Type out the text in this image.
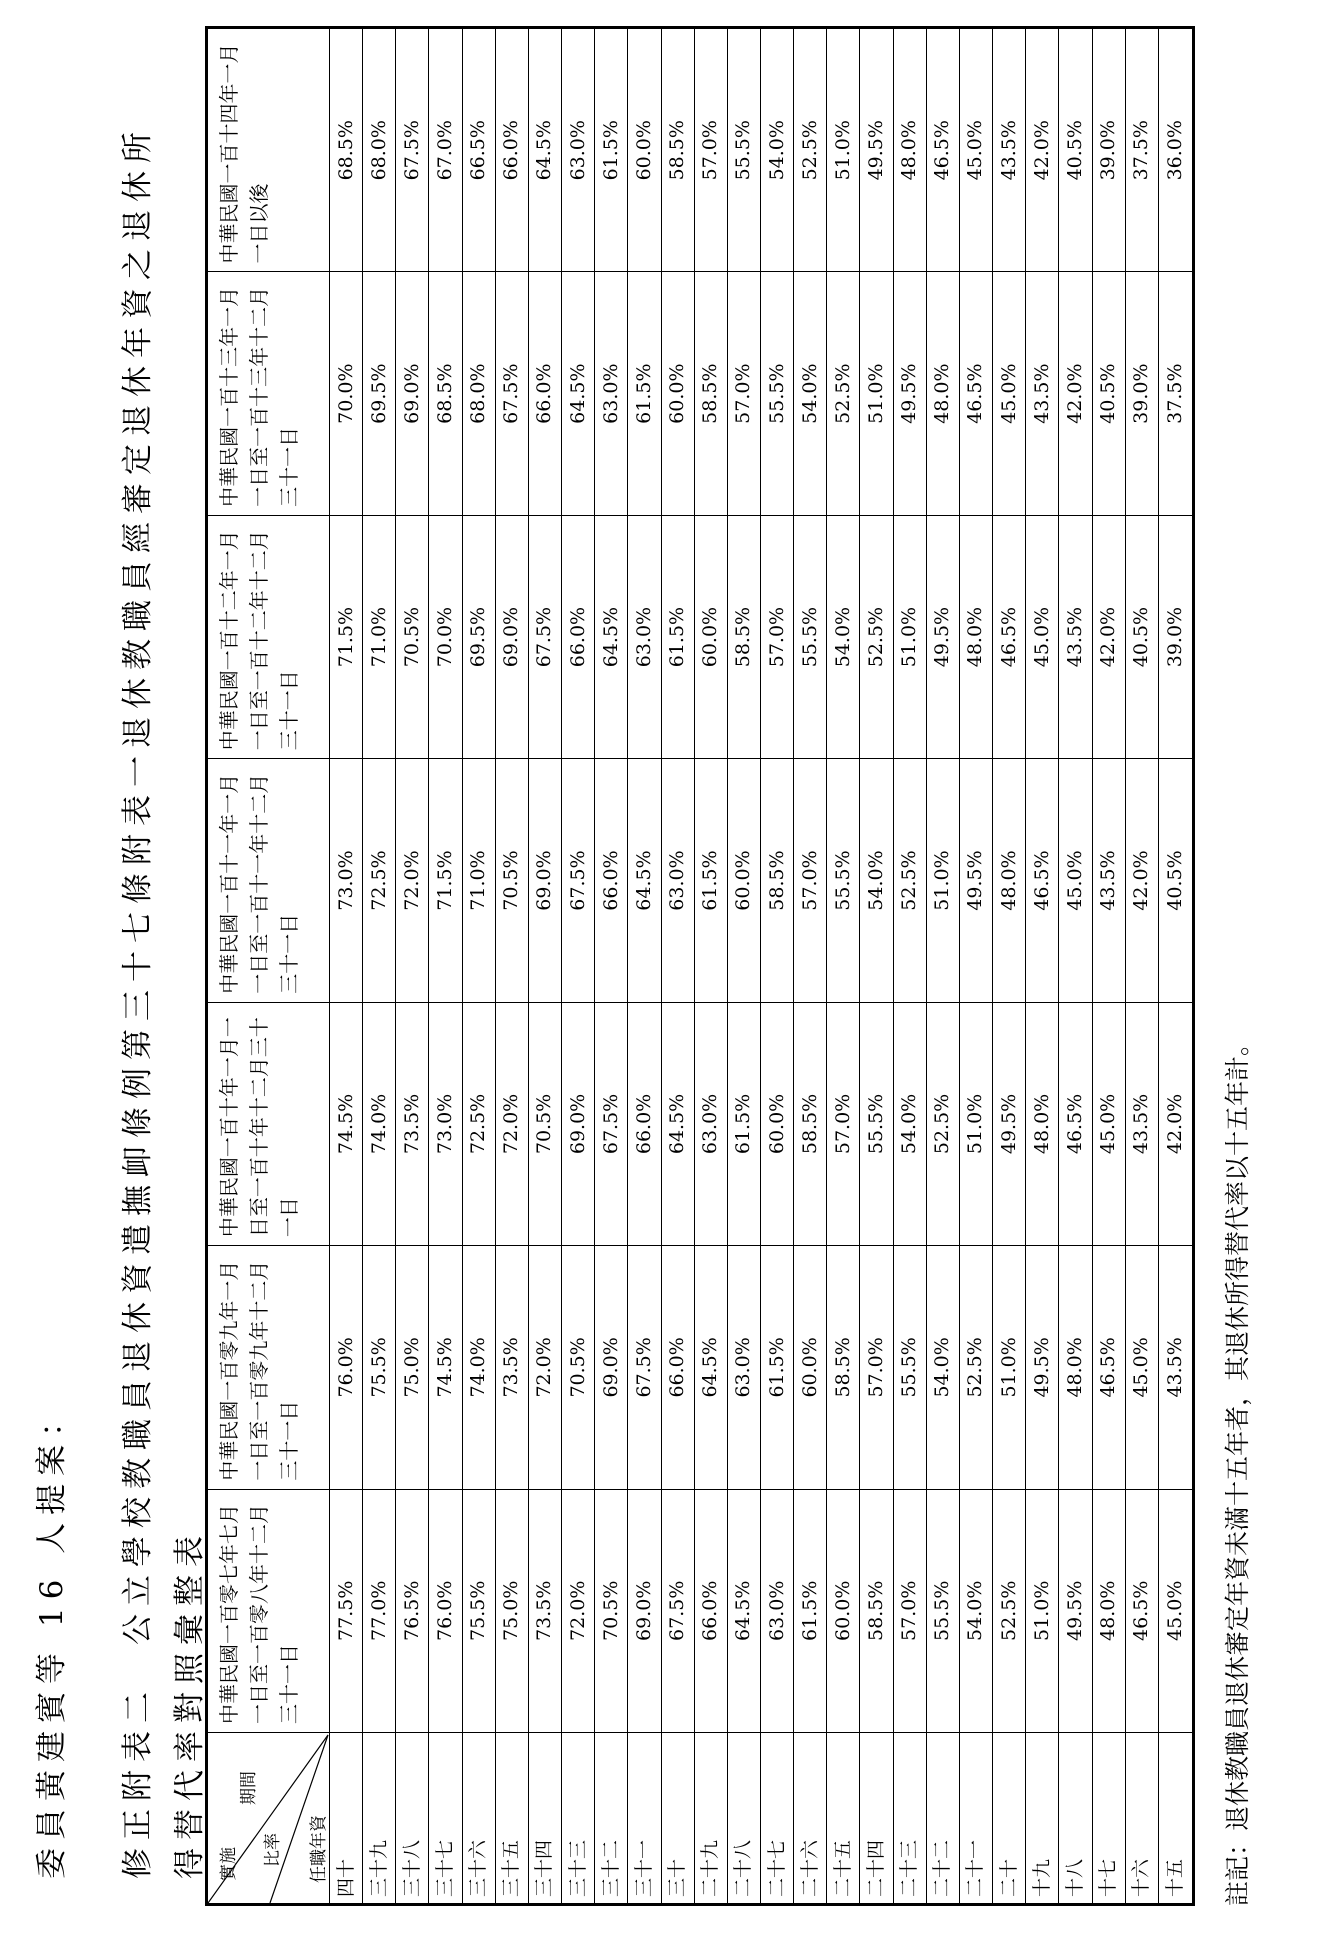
委員黃建賓等 16 人提案： 修正附表二　公立學校教職員退休資遣撫卹條例第三十七條附表一退休教職員經審定退休年資之退休所得替代率對照彙整表 實施
期間
比率 任職年資 四十 三十九 三十八 三十七 三十六 三十五 三十四 三十三 三十二 三十一 三十 二十九 二十八 二十七 二十六 二十五 二十四 二十三 二十二 二十一 二十 十九 十八 十七 十六 十五
中華民國一百零七年七月一日至一百零八年十二月三十一日
77.5% 77.0% 76.5% 76.0% 75.5% 75.0% 73.5% 72.0% 70.5% 69.0% 67.5% 66.0% 64.5% 63.0% 61.5% 60.0% 58.5% 57.0% 55.5% 54.0% 52.5% 51.0% 49.5% 48.0% 46.5% 45.0%
中華民國一百零九年一月一日至一百零九年十二月三十一日
76.0% 75.5% 75.0% 74.5% 74.0% 73.5% 72.0% 70.5% 69.0% 67.5% 66.0% 64.5% 63.0% 61.5% 60.0% 58.5% 57.0% 55.5% 54.0% 52.5% 51.0% 49.5% 48.0% 46.5% 45.0% 43.5%
中華民國一百十年一月一日至一百十年十二月三十一日
74.5% 74.0% 73.5% 73.0% 72.5% 72.0% 70.5% 69.0% 67.5% 66.0% 64.5% 63.0% 61.5% 60.0% 58.5% 57.0% 55.5% 54.0% 52.5% 51.0% 49.5% 48.0% 46.5% 45.0% 43.5% 42.0%
中華民國一百十一年一月一日至一百十一年十二月三十一日
73.0% 72.5% 72.0% 71.5% 71.0% 70.5% 69.0% 67.5% 66.0% 64.5% 63.0% 61.5% 60.0% 58.5% 57.0% 55.5% 54.0% 52.5% 51.0% 49.5% 48.0% 46.5% 45.0% 43.5% 42.0% 40.5%
中華民國一百十二年一月一日至一百十二年十二月三十一日
71.5% 71.0% 70.5% 70.0% 69.5% 69.0% 67.5% 66.0% 64.5% 63.0% 61.5% 60.0% 58.5% 57.0% 55.5% 54.0% 52.5% 51.0% 49.5% 48.0% 46.5% 45.0% 43.5% 42.0% 40.5% 39.0%
中華民國一百十三年一月一日至一百十三年十二月三十一日
70.0% 69.5% 69.0% 68.5% 68.0% 67.5% 66.0% 64.5% 63.0% 61.5% 60.0% 58.5% 57.0% 55.5% 54.0% 52.5% 51.0% 49.5% 48.0% 46.5% 45.0% 43.5% 42.0% 40.5% 39.0% 37.5%
中華民國一百十四年一月一日以後
68.5% 68.0% 67.5% 67.0% 66.5% 66.0% 64.5% 63.0% 61.5% 60.0% 58.5% 57.0% 55.5% 54.0% 52.5% 51.0% 49.5% 48.0% 46.5% 45.0% 43.5% 42.0% 40.5% 39.0% 37.5% 36.0%
註記：退休教職員退休審定年資未滿十五年者，其退休所得替代率以十五年計。
